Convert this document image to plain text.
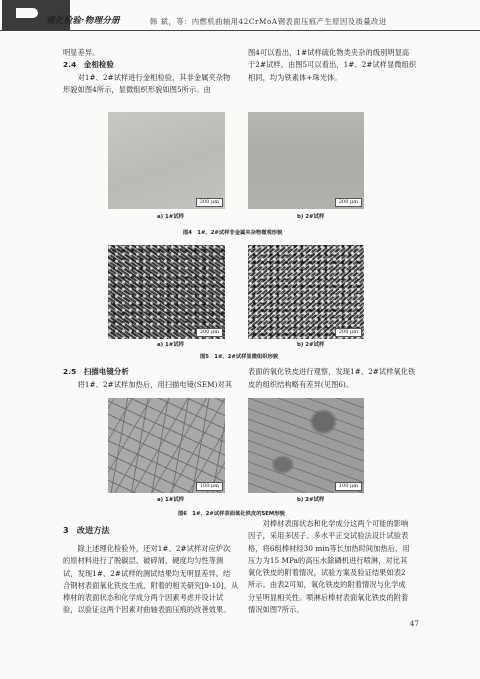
理化检验·物理分册	韩 斌，等：内燃机曲轴用42CrMoA钢表面压痕产生原因及质量改进
明显差异。
2.4　金相检验
　　对1#、2#试样进行金相检验，其非金属夹杂物
形貌如图4所示，显微组织形貌如图5所示。由
图4可以看出，1#试样硫化物类夹杂的级别明显高
于2#试样。由图5可以看出，1#、2#试样显微组织
相同，均为铁素体+珠光体。
200 μm	200 μm
a) 1#试样	b) 2#试样
图4　1#、2#试样非金属夹杂物微观形貌
200 μm	200 μm
a) 1#试样	b) 2#试样
图5　1#、2#试样显微组织形貌
2.5　扫描电镜分析
　　将1#、2#试样加热后，用扫描电镜(SEM)对其
表面的氧化铁皮进行观察，发现1#、2#试样氧化铁
皮的组织结构略有差异(见图6)。
100 μm	100 μm
a) 1#试样	b) 2#试样
图6　1#、2#试样表面氧化铁皮的SEM形貌
3　改进方法
　　除上述理化检验外，还对1#、2#试样对应炉次
的原材料进行了脱碳层、破碎屑、硬度均匀性等测
试，发现1#、2#试样的测试结果均无明显差异。结
合钢材表面氧化铁皮生成、附着的相关研究[9-10]，从
棒材的表面状态和化学成分两个因素考虑并设计试
验，以验证这两个因素对曲轴表面压痕的改善效果。
　　对棒材表面状态和化学成分这两个可能的影响
因子，采用多因子、多水平正交试验法设计试验表
格，将6组棒材经30 min等长加热时间加热后，用
压力为15 MPa的高压水除磷机进行喷淋，对比其
氧化铁皮的附着情况，试验方案及验证结果如表2
所示。由表2可知，氧化铁皮的附着情况与化学成
分呈明显相关性。喷淋后棒材表面氧化铁皮的附着
情况如图7所示。
47
